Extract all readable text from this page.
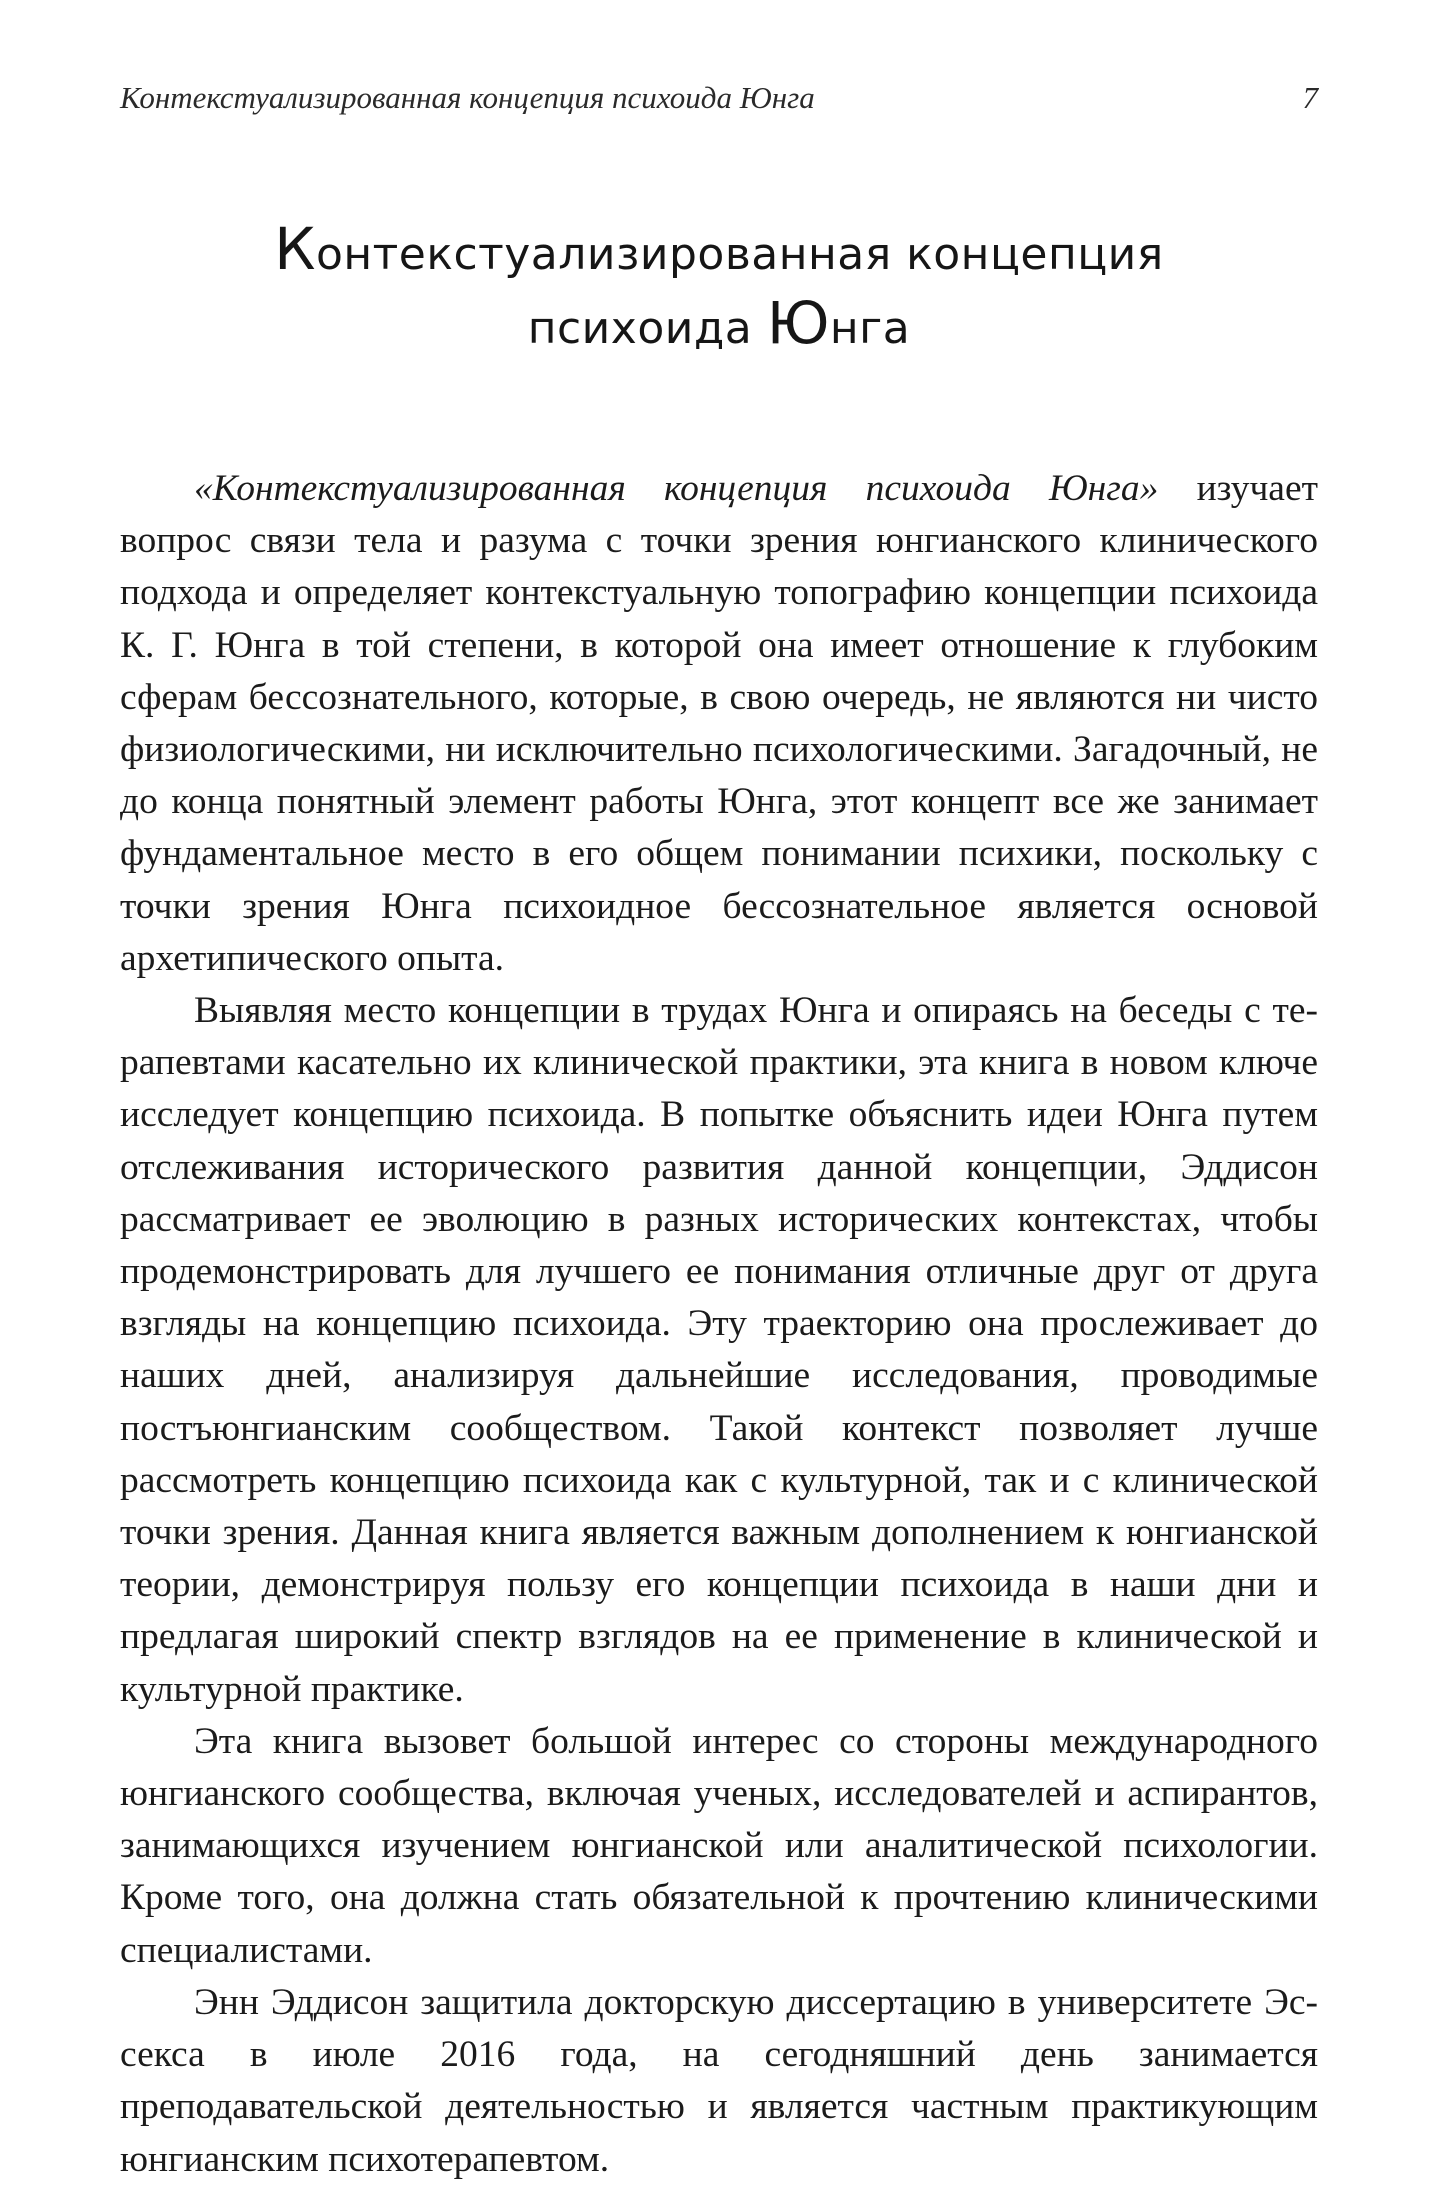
Контекстуализированная концепция психоида Юнга	7
Контекстуализированная концепция
психоида Юнга

«Контекстуализированная концепция психоида Юнга» изучает вопрос связи тела и разума с точки зрения юнгианского клинического подхода и определяет контекстуальную топографию концепции психоида К. Г. Юнга в той степени, в которой она имеет отношение к глубоким сферам бессознательного, которые, в свою очередь, не являются ни чисто физиологическими, ни исключительно психологическими. Загадочный, не до конца понятный элемент работы Юнга, этот концепт все же занимает фундаментальное место в его общем понимании психики, поскольку с точки зрения Юнга психоидное бессознательное является основой архетипического опыта.

Выявляя место концепции в трудах Юнга и опираясь на беседы с терапевтами касательно их клинической практики, эта книга в новом ключе исследует концепцию психоида. В попытке объяснить идеи Юнга путем отслеживания исторического развития данной концепции, Эддисон рассматривает ее эволюцию в разных исторических контекстах, чтобы продемонстрировать для лучшего ее понимания отличные друг от друга взгляды на концепцию психоида. Эту траекторию она прослеживает до наших дней, анализируя дальнейшие исследования, проводимые постъюнгианским сообществом. Такой контекст позволяет лучше рассмотреть концепцию психоида как с культурной, так и с клинической точки зрения. Данная книга является важным дополнением к юнгианской теории, демонстрируя пользу его концепции психоида в наши дни и предлагая широкий спектр взглядов на ее применение в клинической и культурной практике.

Эта книга вызовет большой интерес со стороны международного юнгианского сообщества, включая ученых, исследователей и аспирантов, занимающихся изучением юнгианской или аналитической психологии. Кроме того, она должна стать обязательной к прочтению клиническими специалистами.

Энн Эддисон защитила докторскую диссертацию в университете Эссекса в июле 2016 года, на сегодняшний день занимается преподавательской деятельностью и является частным практикующим юнгианским психотерапевтом.
